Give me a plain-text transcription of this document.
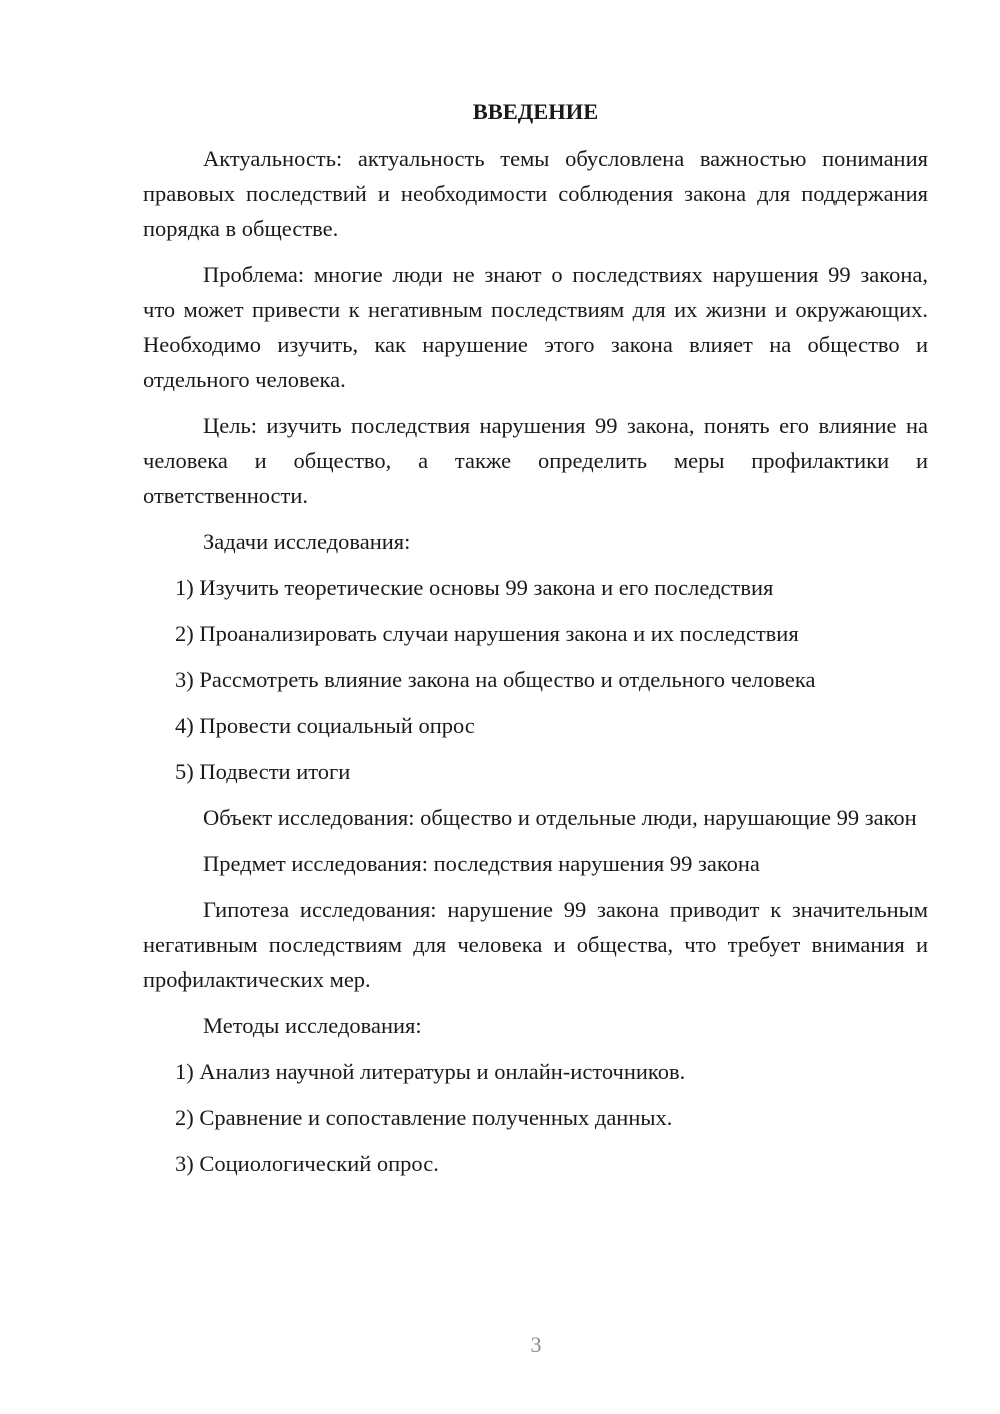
ВВЕДЕНИЕ

Актуальность: актуальность темы обусловлена важностью понимания правовых последствий и необходимости соблюдения закона для поддержания порядка в обществе.

Проблема: многие люди не знают о последствиях нарушения 99 закона, что может привести к негативным последствиям для их жизни и окружающих. Необходимо изучить, как нарушение этого закона влияет на общество и отдельного человека.

Цель: изучить последствия нарушения 99 закона, понять его влияние на человека и общество, а также определить меры профилактики и ответственности.

Задачи исследования:

1) Изучить теоретические основы 99 закона и его последствия
2) Проанализировать случаи нарушения закона и их последствия
3) Рассмотреть влияние закона на общество и отдельного человека
4) Провести социальный опрос
5) Подвести итоги

Объект исследования: общество и отдельные люди, нарушающие 99 закон

Предмет исследования: последствия нарушения 99 закона

Гипотеза исследования: нарушение 99 закона приводит к значительным негативным последствиям для человека и общества, что требует внимания и профилактических мер.

Методы исследования:

1) Анализ научной литературы и онлайн-источников.
2) Сравнение и сопоставление полученных данных.
3) Социологический опрос.
3
